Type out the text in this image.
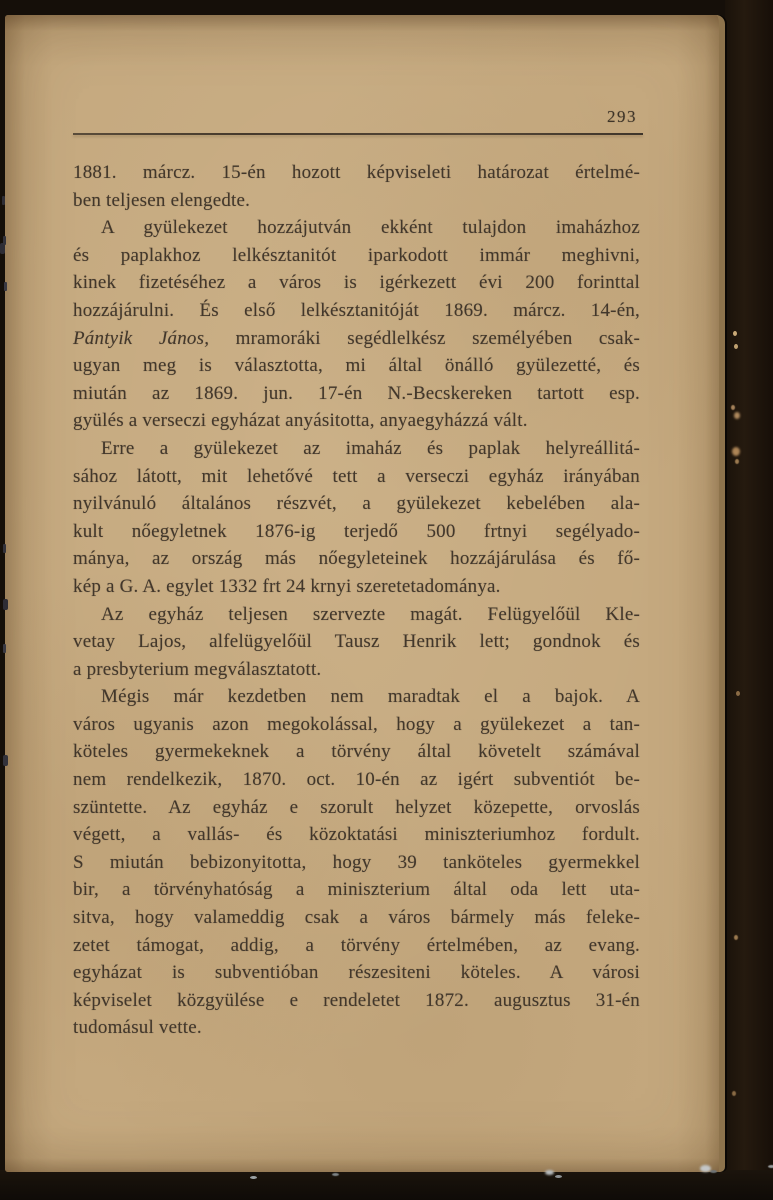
293
1881. márcz. 15-én hozott képviseleti határozat értelmé-
ben teljesen elengedte.
A gyülekezet hozzájutván ekként tulajdon imaházhoz
és paplakhoz lelkésztanitót iparkodott immár meghivni,
kinek fizetéséhez a város is igérkezett évi 200 forinttal
hozzájárulni. És első lelkésztanitóját 1869. márcz. 14-én,
Pántyik János, mramoráki segédlelkész személyében csak-
ugyan meg is választotta, mi által önálló gyülezetté, és
miután az 1869. jun. 17-én N.-Becskereken tartott esp.
gyülés a verseczi egyházat anyásitotta, anyaegyházzá vált.
Erre a gyülekezet az imaház és paplak helyreállitá-
sához látott, mit lehetővé tett a verseczi egyház irányában
nyilvánuló általános részvét, a gyülekezet kebelében ala-
kult nőegyletnek 1876-ig terjedő 500 frtnyi segélyado-
mánya, az ország más nőegyleteinek hozzájárulása és fő-
kép a G. A. egylet 1332 frt 24 krnyi szeretetadománya.
Az egyház teljesen szervezte magát. Felügyelőül Kle-
vetay Lajos, alfelügyelőül Tausz Henrik lett; gondnok és
a presbyterium megválasztatott.
Mégis már kezdetben nem maradtak el a bajok. A
város ugyanis azon megokolással, hogy a gyülekezet a tan-
köteles gyermekeknek a törvény által követelt számával
nem rendelkezik, 1870. oct. 10-én az igért subventiót be-
szüntette. Az egyház e szorult helyzet közepette, orvoslás
végett, a vallás- és közoktatási miniszteriumhoz fordult.
S miután bebizonyitotta, hogy 39 tanköteles gyermekkel
bir, a törvényhatóság a miniszterium által oda lett uta-
sitva, hogy valameddig csak a város bármely más feleke-
zetet támogat, addig, a törvény értelmében, az evang.
egyházat is subventióban részesiteni köteles. A városi
képviselet közgyülése e rendeletet 1872. augusztus 31-én
tudomásul vette.
